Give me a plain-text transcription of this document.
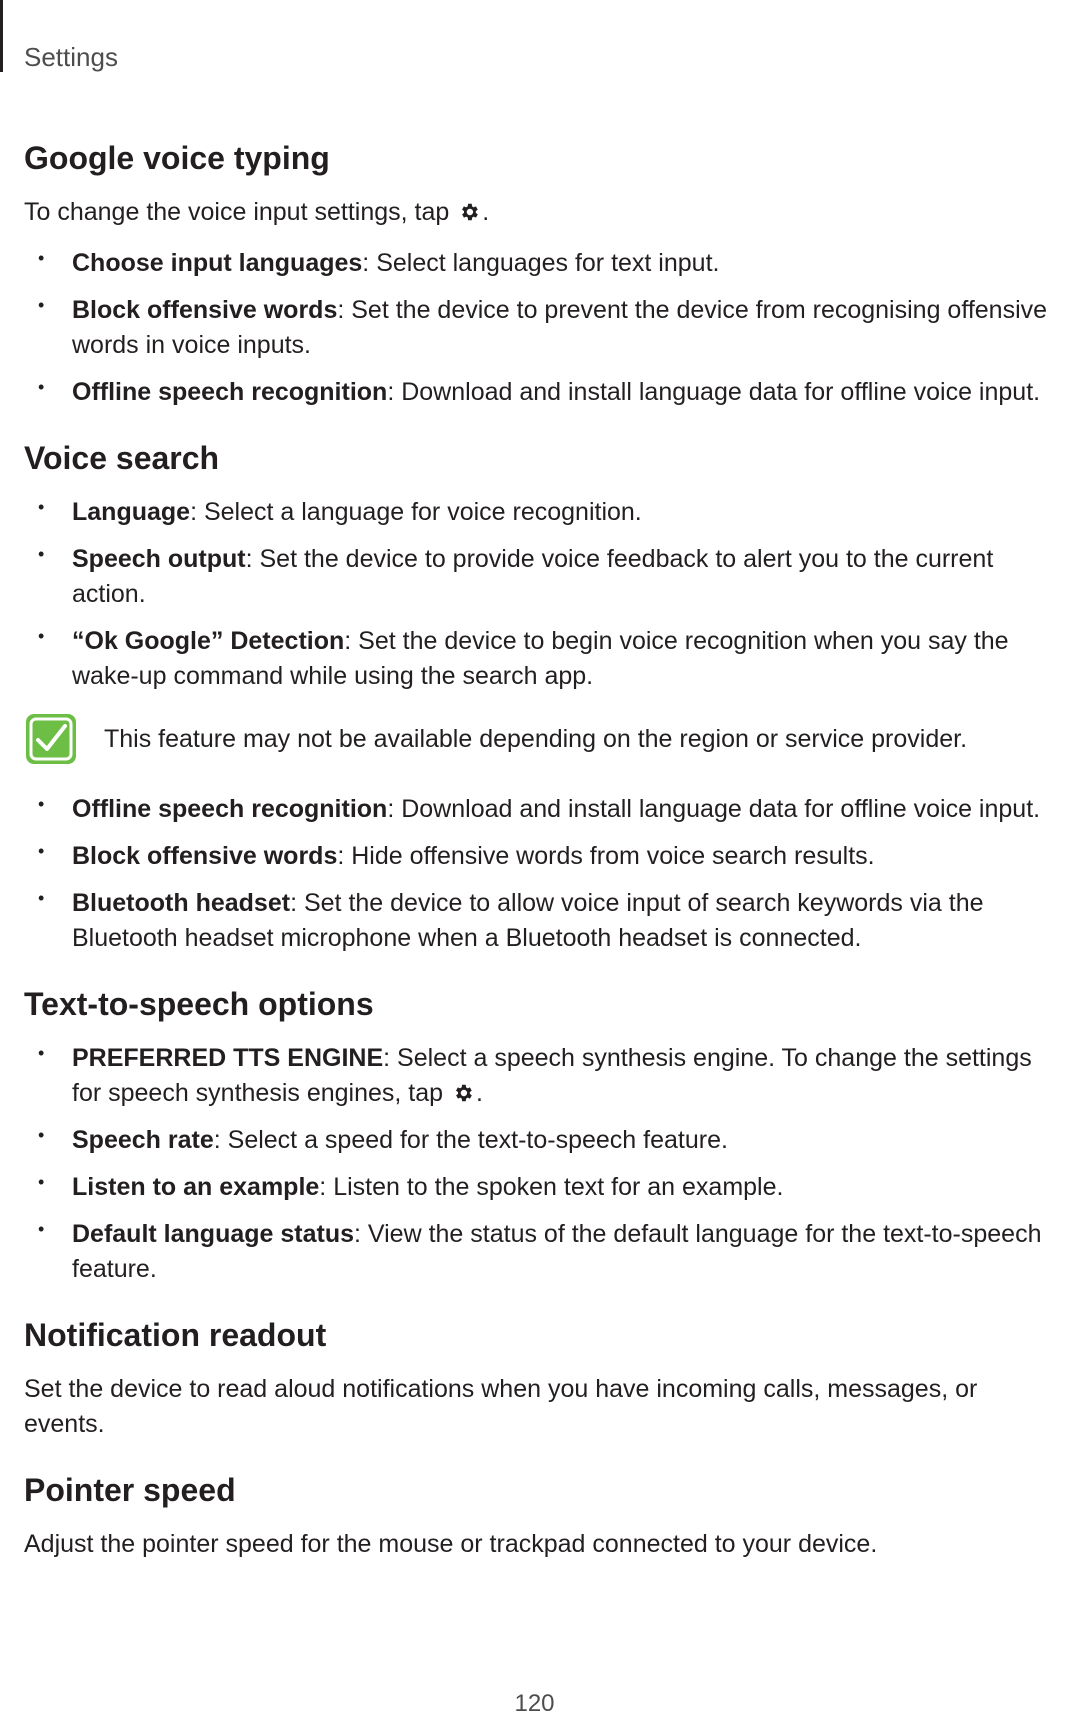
Settings
Google voice typing

To change the voice input settings, tap .

• Choose input languages: Select languages for text input.
• Block offensive words: Set the device to prevent the device from recognising offensive words in voice inputs.
• Offline speech recognition: Download and install language data for offline voice input.
Voice search
• Language: Select a language for voice recognition.
• Speech output: Set the device to provide voice feedback to alert you to the current action.
• “Ok Google” Detection: Set the device to begin voice recognition when you say the wake-up command while using the search app.
This feature may not be available depending on the region or service provider.
• Offline speech recognition: Download and install language data for offline voice input.
• Block offensive words: Hide offensive words from voice search results.
• Bluetooth headset: Set the device to allow voice input of search keywords via the Bluetooth headset microphone when a Bluetooth headset is connected.
Text-to-speech options
• PREFERRED TTS ENGINE: Select a speech synthesis engine. To change the settings for speech synthesis engines, tap .
• Speech rate: Select a speed for the text-to-speech feature.
• Listen to an example: Listen to the spoken text for an example.
• Default language status: View the status of the default language for the text-to-speech feature.
Notification readout

Set the device to read aloud notifications when you have incoming calls, messages, or events.

Pointer speed

Adjust the pointer speed for the mouse or trackpad connected to your device.

120
